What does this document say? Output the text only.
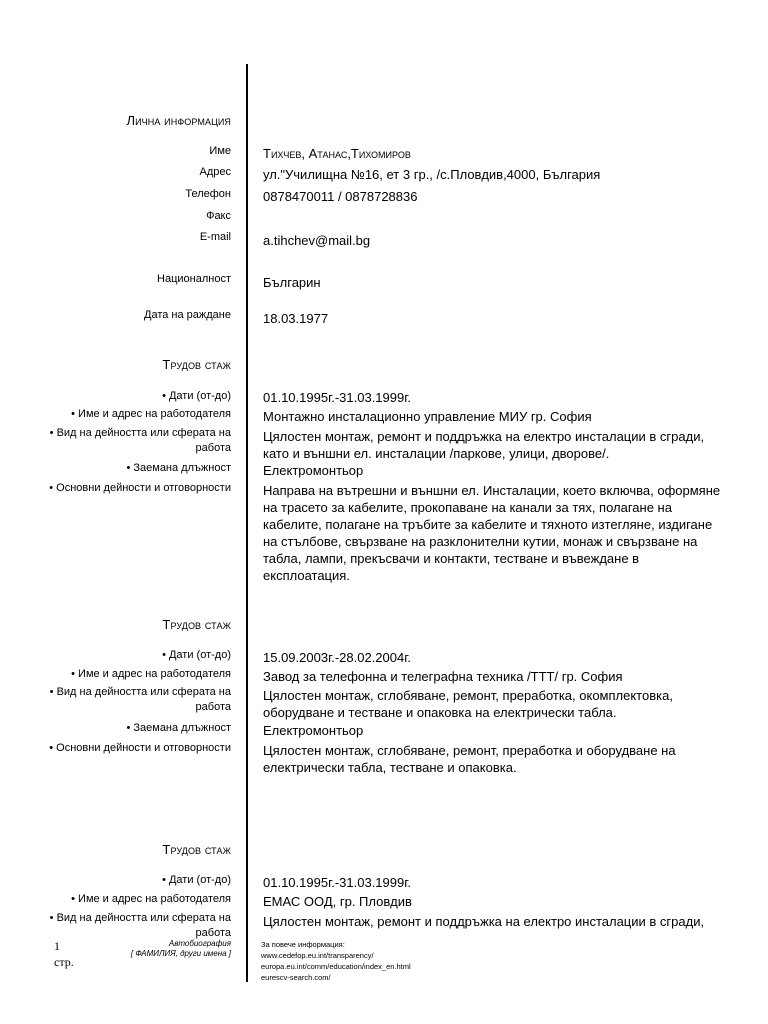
Лична информация
Име Тихчев, Атанас,Тихомиров
Адрес ул."Училищна №16, ет 3 гр., /с.Пловдив,4000, България
Телефон 0878470011 / 0878728836
Факс
E-mail a.tihchev@mail.bg
Националност Българин
Дата на раждане 18.03.1977
Трудов стаж
• Дати (от-до) 01.10.1995г.-31.03.1999г.
• Име и адрес на работодателя Монтажно инсталационно управление МИУ гр. София
• Вид на дейността или сферата на работа
Цялостен монтаж, ремонт и поддръжка на електро инсталации в сгради, като и външни ел. инсталации /паркове, улици, дворове/.
• Заемана длъжност Електромонтьор
• Основни дейности и отговорности Направа на вътрешни и външни ел. Инсталации, което включва, оформяне на трасето за кабелите, прокопаване на канали за тях, полагане на кабелите, полагане на тръбите за кабелите и тяхното изтегляне, издигане на стълбове, свързване на разклонителни кутии, монаж и свързване на табла, лампи, прекъсвачи и контакти, тестване и въвеждане в експлоатация.
Трудов стаж
• Дати (от-до) 15.09.2003г.-28.02.2004г.
• Име и адрес на работодателя Завод за телефонна и телеграфна техника /ТТТ/ гр. София
• Вид на дейността или сферата на работа
Цялостен монтаж, сглобяване, ремонт, преработка, окомплектовка, оборудване и тестване и опаковка на електрически табла.
• Заемана длъжност Електромонтьор
• Основни дейности и отговорности Цялостен монтаж, сглобяване, ремонт, преработка и оборудване на електрически табла, тестване и опаковка.
Трудов стаж
• Дати (от-до) 01.10.1995г.-31.03.1999г.
• Име и адрес на работодателя ЕМАС ООД, гр. Пловдив
• Вид на дейността или сферата на работа
Цялостен монтаж, ремонт и поддръжка на електро инсталации в сгради,
1
стр.
Автобиография
[ ФАМИЛИЯ, други имена ]
За повече информация:
www.cedefop.eu.int/transparency/
europa.eu.int/comm/education/index_en.html
eurescv-search.com/
